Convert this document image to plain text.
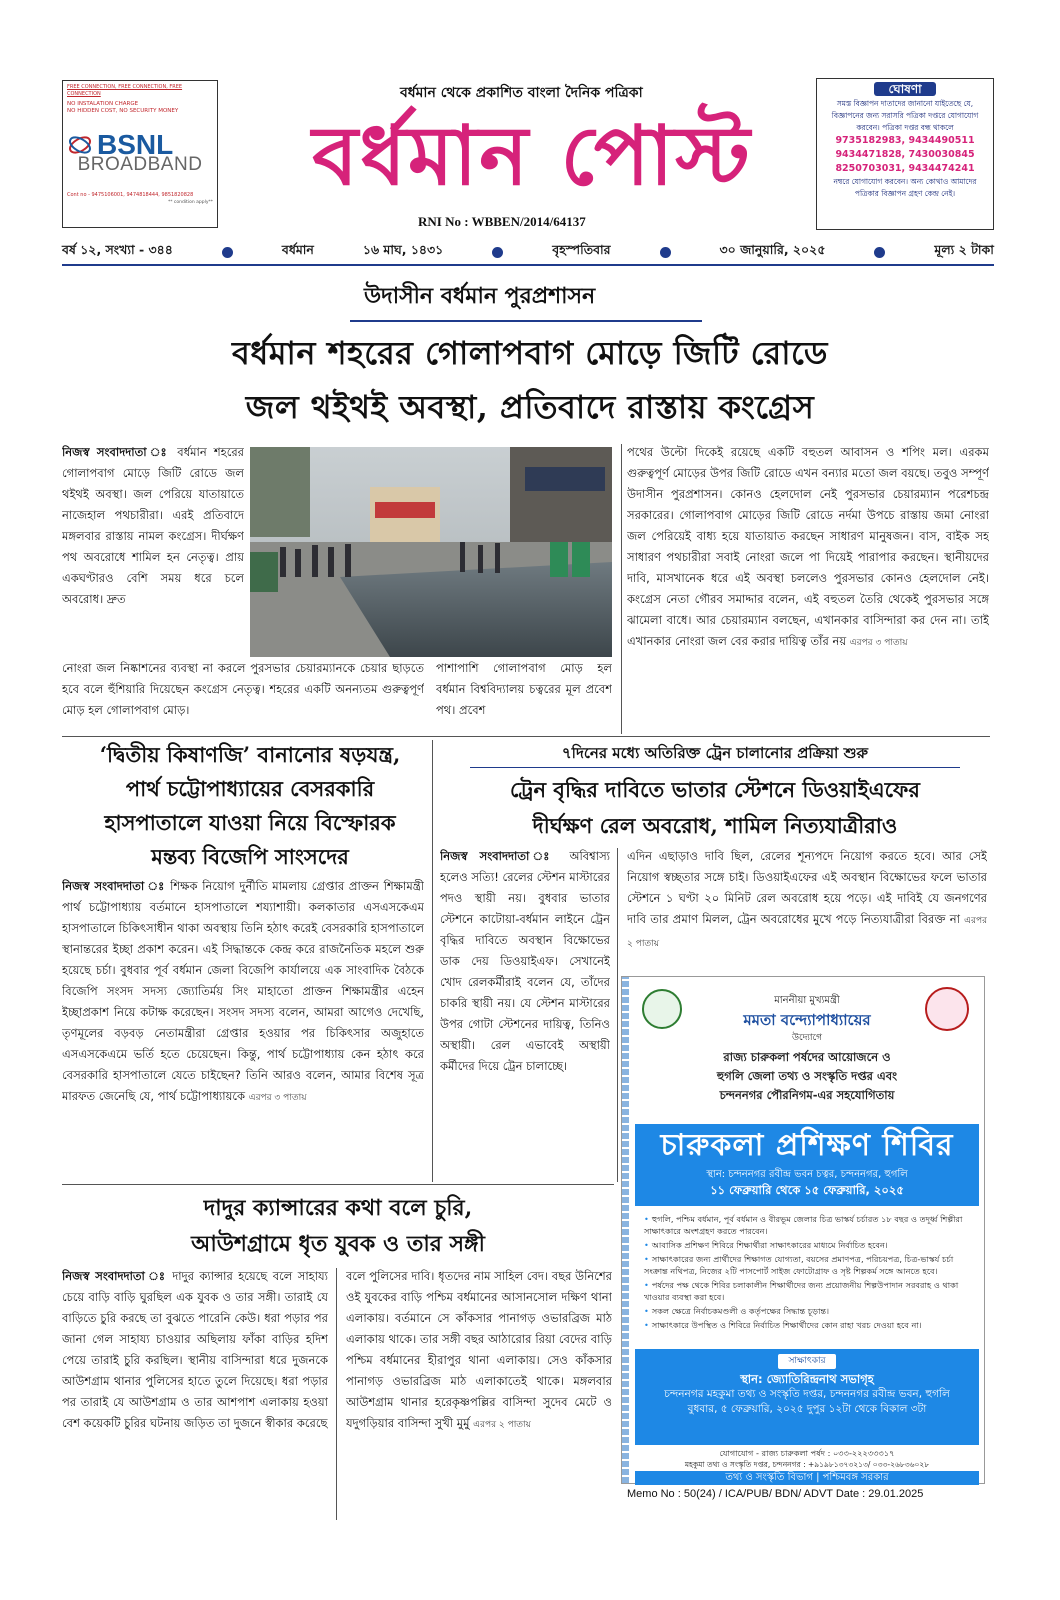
FREE CONNECTION, FREE CONNECTION, FREE CONNECTION
NO INSTALATION CHARGE
NO HIDDEN COST, NO SECURITY MONEY
BSNL
BROADBAND
Cont no - 9475106001, 9474818444, 9851820828
** condition apply**
বর্ধমান থেকে প্রকাশিত বাংলা দৈনিক পত্রিকা
বর্ধমান পোস্ট
RNI No : WBBEN/2014/64137
ঘোষণা
সমস্ত বিজ্ঞাপন দাতাদের জানানো যাইতেছে যে, বিজ্ঞাপনের জন্য সরাসরি পত্রিকা দপ্তরে যোগাযোগ করবেন। পত্রিকা দপ্তর বন্ধ থাকলে
9735182983, 9434490511
9434471828, 7430030845
8250703031, 9434474241
নম্বরে যোগাযোগ করবেন। অন্য কোথাও আমাদের পত্রিকার বিজ্ঞাপন গ্রহণ কেন্দ্র নেই।
বর্ষ ১২, সংখ্যা - ৩৪৪	বর্ধমান	১৬ মাঘ, ১৪৩১	বৃহস্পতিবার	৩০ জানুয়ারি, ২০২৫	মূল্য ২ টাকা
উদাসীন বর্ধমান পুরপ্রশাসন
বর্ধমান শহরের গোলাপবাগ মোড়ে জিটি রোডে
জল থইথই অবস্থা, প্রতিবাদে রাস্তায় কংগ্রেস
নিজস্ব সংবাদদাতা ঃ বর্ধমান শহরের গোলাপবাগ মোড়ে জিটি রোডে জল থইথই অবস্থা। জল পেরিয়ে যাতায়াতে নাজেহাল পথচারীরা। এরই প্রতিবাদে মঙ্গলবার রাস্তায় নামল কংগ্রেস। দীর্ঘক্ষণ পথ অবরোধে শামিল হন নেতৃত্ব। প্রায় একঘণ্টারও বেশি সময় ধরে চলে অবরোধ। দ্রুত
নোংরা জল নিষ্কাশনের ব্যবস্থা না করলে পুরসভার চেয়ারম্যানকে চেয়ার ছাড়তে হবে বলে হুঁশিয়ারি দিয়েছেন কংগ্রেস নেতৃত্ব। শহরের একটি অনন্যতম গুরুত্বপূর্ণ মোড় হল গোলাপবাগ মোড়।
পাশাপাশি গোলাপবাগ মোড় হল বর্ধমান বিশ্ববিদ্যালয় চত্বরের মূল প্রবেশ পথ। প্রবেশ
পথের উল্টো দিকেই রয়েছে একটি বহুতল আবাসন ও শপিং মল। এরকম গুরুত্বপূর্ণ মোড়ের উপর জিটি রোডে এখন বন্যার মতো জল বয়ছে। তবুও সম্পূর্ণ উদাসীন পুরপ্রশাসন। কোনও হেলদোল নেই পুরসভার চেয়ারম্যান পরেশচন্দ্র সরকারের। গোলাপবাগ মোড়ের জিটি রোডে নর্দমা উপচে রাস্তায় জমা নোংরা জল পেরিয়েই বাধ্য হয়ে যাতায়াত করছেন সাধারণ মানুষজন। বাস, বাইক সহ সাধারণ পথচারীরা সবাই নোংরা জলে পা দিয়েই পারাপার করছেন। স্থানীয়দের দাবি, মাসখানেক ধরে এই অবস্থা চললেও পুরসভার কোনও হেলদোল নেই। কংগ্রেস নেতা গৌরব সমাদ্দার বলেন, এই বহুতল তৈরি থেকেই পুরসভার সঙ্গে ঝামেলা বাধে। আর চেয়ারম্যান বলছেন, এখানকার বাসিন্দারা কর দেন না। তাই এখানকার নোংরা জল বের করার দায়িত্ব তাঁর নয় এরপর ৩ পাতায়
‘দ্বিতীয় কিষাণজি’ বানানোর ষড়যন্ত্র,
পার্থ চট্টোপাধ্যায়ের বেসরকারি
হাসপাতালে যাওয়া নিয়ে বিস্ফোরক
মন্তব্য বিজেপি সাংসদের
নিজস্ব সংবাদদাতা ঃ শিক্ষক নিয়োগ দুর্নীতি মামলায় গ্রেপ্তার প্রাক্তন শিক্ষামন্ত্রী পার্থ চট্টোপাধ্যায় বর্তমানে হাসপাতালে শয্যাশায়ী। কলকাতার এসএসকেএম হাসপাতালে চিকিৎসাধীন থাকা অবস্থায় তিনি হঠাৎ করেই বেসরকারি হাসপাতালে স্থানান্তরের ইচ্ছা প্রকাশ করেন। এই সিদ্ধান্তকে কেন্দ্র করে রাজনৈতিক মহলে শুরু হয়েছে চর্চা। বুধবার পূর্ব বর্ধমান জেলা বিজেপি কার্যালয়ে এক সাংবাদিক বৈঠকে বিজেপি সংসদ সদস্য জ্যোতির্ময় সিং মাহাতো প্রাক্তন শিক্ষামন্ত্রীর এহেন ইচ্ছাপ্রকাশ নিয়ে কটাক্ষ করেছেন। সংসদ সদস্য বলেন, আমরা আগেও দেখেছি, তৃণমূলের বড়বড় নেতামন্ত্রীরা গ্রেপ্তার হওয়ার পর চিকিৎসার অজুহাতে এসএসকেএমে ভর্তি হতে চেয়েছেন। কিন্তু, পার্থ চট্টোপাধ্যায় কেন হঠাৎ করে বেসরকারি হাসপাতালে যেতে চাইছেন? তিনি আরও বলেন, আমার বিশেষ সূত্র মারফত জেনেছি যে, পার্থ চট্টোপাধ্যায়কে এরপর ৩ পাতায়
৭দিনের মধ্যে অতিরিক্ত ট্রেন চালানোর প্রক্রিয়া শুরু
ট্রেন বৃদ্ধির দাবিতে ভাতার স্টেশনে ডিওয়াইএফের
দীর্ঘক্ষণ রেল অবরোধ, শামিল নিত্যযাত্রীরাও
নিজস্ব সংবাদদাতা ঃ অবিশ্বাস্য হলেও সত্যি! রেলের স্টেশন মাস্টারের পদও স্থায়ী নয়। বুধবার ভাতার স্টেশনে কাটোয়া-বর্ধমান লাইনে ট্রেন বৃদ্ধির দাবিতে অবস্থান বিক্ষোভের ডাক দেয় ডিওয়াইএফ। সেখানেই খোদ রেলকর্মীরাই বলেন যে, তাঁদের চাকরি স্থায়ী নয়। যে স্টেশন মাস্টারের উপর গোটা স্টেশনের দায়িত্ব, তিনিও অস্থায়ী। রেল এভাবেই অস্থায়ী কর্মীদের দিয়ে ট্রেন চালাচ্ছে।
এদিন এছাড়াও দাবি ছিল, রেলের শূন্যপদে নিয়োগ করতে হবে। আর সেই নিয়োগ স্বচ্ছতার সঙ্গে চাই। ডিওয়াইএফের এই অবস্থান বিক্ষোভের ফলে ভাতার স্টেশনে ১ ঘণ্টা ২০ মিনিট রেল অবরোধ হয়ে পড়ে। এই দাবিই যে জনগণের দাবি তার প্রমাণ মিলল, ট্রেন অবরোধের মুখে পড়ে নিত্যযাত্রীরা বিরক্ত না এরপর ২ পাতায়
দাদুর ক্যান্সারের কথা বলে চুরি,
আউশগ্রামে ধৃত যুবক ও তার সঙ্গী
নিজস্ব সংবাদদাতা ঃ দাদুর ক্যান্সার হয়েছে বলে সাহায্য চেয়ে বাড়ি বাড়ি ঘুরছিল এক যুবক ও তার সঙ্গী। তারাই যে বাড়িতে চুরি করছে তা বুঝতে পারেনি কেউ। ধরা পড়ার পর জানা গেল সাহায্য চাওয়ার অছিলায় ফাঁকা বাড়ির হদিশ পেয়ে তারাই চুরি করছিল। স্থানীয় বাসিন্দারা ধরে দুজনকে আউশগ্রাম থানার পুলিসের হাতে তুলে দিয়েছে। ধরা পড়ার পর তারাই যে আউশগ্রাম ও তার আশপাশ এলাকায় হওয়া বেশ কয়েকটি চুরির ঘটনায় জড়িত তা দুজনে স্বীকার করেছে
বলে পুলিসের দাবি। ধৃতদের নাম সাহিল বেদ। বছর উনিশের ওই যুবকের বাড়ি পশ্চিম বর্ধমানের আসানসোল দক্ষিণ থানা এলাকায়। বর্তমানে সে কাঁকসার পানাগড় ওভারব্রিজ মাঠ এলাকায় থাকে। তার সঙ্গী বছর আঠারোর রিয়া বেদের বাড়ি পশ্চিম বর্ধমানের হীরাপুর থানা এলাকায়। সেও কাঁকসার পানাগড় ওভারব্রিজ মাঠ এলাকাতেই থাকে। মঙ্গলবার আউশগ্রাম থানার হরেকৃষ্ণপল্লির বাসিন্দা সুদেব মেটে ও যদুগড়িয়ার বাসিন্দা সুখী মুর্মু এরপর ২ পাতায়
মাননীয়া মুখ্যমন্ত্রী
মমতা বন্দ্যোপাধ্যায়ের
উদ্যোগে
রাজ্য চারুকলা পর্ষদের আয়োজনে ও
হুগলি জেলা তথ্য ও সংস্কৃতি দপ্তর এবং
চন্দননগর পৌরনিগম-এর সহযোগিতায়
চারুকলা প্রশিক্ষণ শিবির
স্থান: চন্দননগর রবীন্দ্র ভবন চত্বর, চন্দননগর, হুগলি
১১ ফেব্রুয়ারি থেকে ১৫ ফেব্রুয়ারি, ২০২৫
• হুগলি, পশ্চিম বর্ধমান, পূর্ব বর্ধমান ও বীরভূম জেলার চিত্র ভাস্কর্য চর্চারত ১৮ বছর ও তদূর্ধ্ব শিল্পীরা সাক্ষাৎকারে অংশগ্রহণ করতে পারবেন।
• আবাসিক প্রশিক্ষণ শিবিরে শিক্ষার্থীরা সাক্ষাৎকারের মাধ্যমে নির্বাচিত হবেন।
• সাক্ষাৎকারের জন্য প্রার্থীদের শিক্ষাগত যোগ্যতা, বয়সের প্রমাণপত্র, পরিচয়পত্র, চিত্র-ভাস্কর্য চর্চা সংক্রান্ত নথিপত্র, নিজের ২টি পাসপোর্ট সাইজ ফোটোগ্রাফ ও সৃষ্ট শিল্পকর্ম সঙ্গে আনতে হবে।
• পর্ষদের পক্ষ থেকে শিবির চলাকালীন শিক্ষার্থীদের জন্য প্রয়োজনীয় শিল্পউপাদান সরবরাহ ও থাকা খাওয়ার ব্যবস্থা করা হবে।
• সকল ক্ষেত্রে নির্বাচকমণ্ডলী ও কর্তৃপক্ষের সিদ্ধান্ত চূড়ান্ত।
• সাক্ষাৎকারে উপস্থিত ও শিবিরে নির্বাচিত শিক্ষার্থীদের কোন রাহা খরচ দেওয়া হবে না।
সাক্ষাৎকার
স্থান: জ্যোতিরিন্দ্রনাথ সভাগৃহ
চন্দননগর মহকুমা তথ্য ও সংস্কৃতি দপ্তর, চন্দননগর রবীন্দ্র ভবন, হুগলি
বুধবার, ৫ ফেব্রুয়ারি, ২০২৫ দুপুর ১২টা থেকে বিকাল ৩টা
যোগাযোগ - রাজ্য চারুকলা পর্ষদ : ০৩৩-২২২৩৩৩১৭
মহকুমা তথ্য ও সংস্কৃতি দপ্তর, চন্দননগর : +৯১৯৮১৩৭৩২১৩/ ০৩৩-২৬৮৩৬০২৮
তথ্য ও সংস্কৃতি বিভাগ | পশ্চিমবঙ্গ সরকার
Memo No : 50(24) / ICA/PUB/ BDN/ ADVT Date : 29.01.2025
